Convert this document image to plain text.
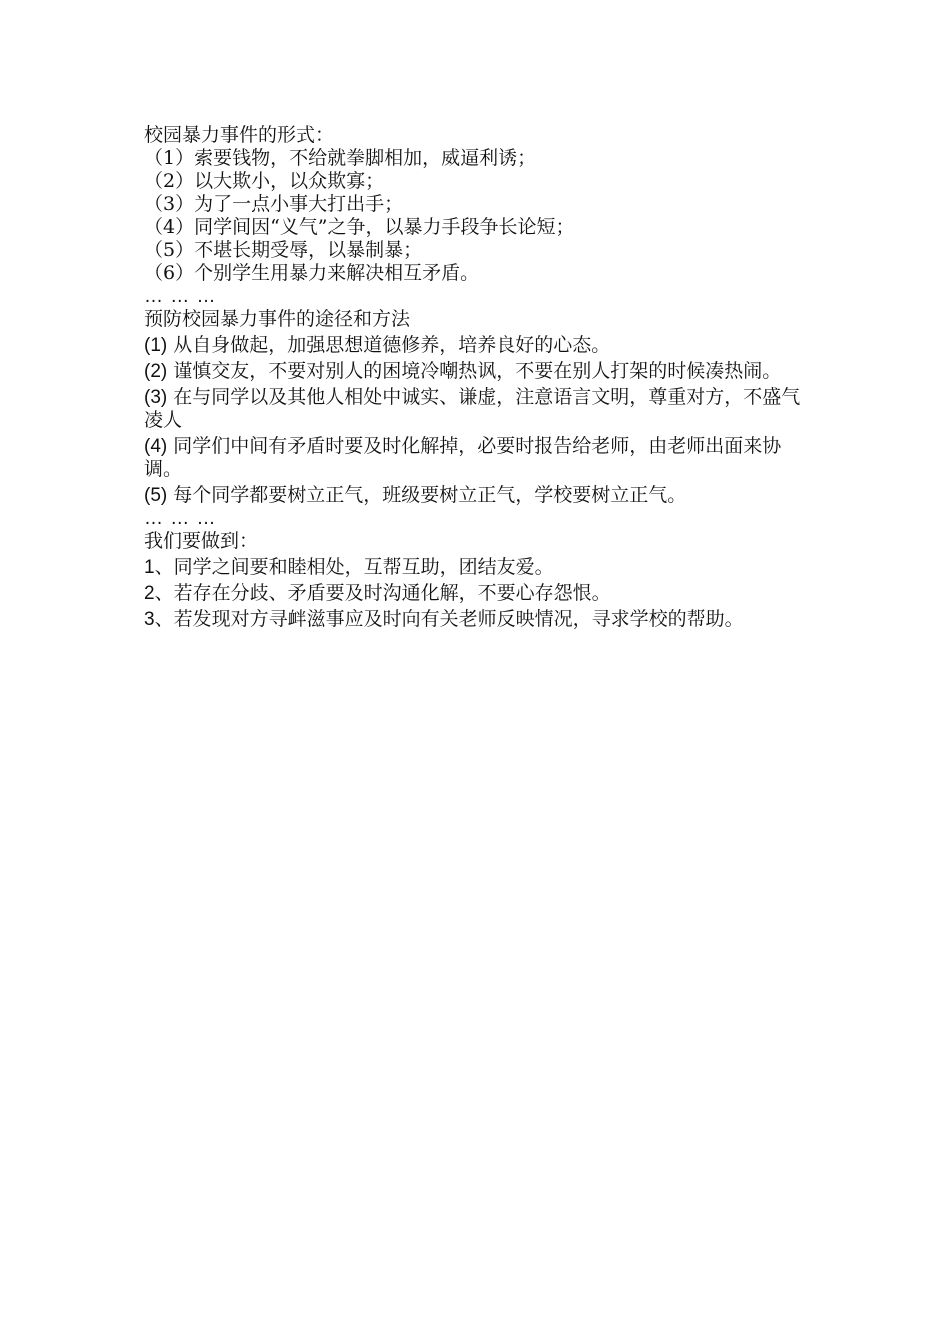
校园暴力事件的形式：

（1）索要钱物，不给就拳脚相加，威逼利诱；

（2）以大欺小，以众欺寡；

（3）为了一点小事大打出手；

（4）同学间因“义气”之争，以暴力手段争长论短；

（5）不堪长期受辱，以暴制暴；

（6）个别学生用暴力来解决相互矛盾。

… … …

预防校园暴力事件的途径和方法

(1) 从自身做起，加强思想道德修养，培养良好的心态。

(2) 谨慎交友，不要对别人的困境冷嘲热讽，不要在别人打架的时候凑热闹。

(3) 在与同学以及其他人相处中诚实、谦虚，注意语言文明，尊重对方，不盛气凌人

(4) 同学们中间有矛盾时要及时化解掉，必要时报告给老师，由老师出面来协调。

(5) 每个同学都要树立正气，班级要树立正气，学校要树立正气。

… … …

我们要做到：

1、同学之间要和睦相处，互帮互助，团结友爱。

2、若存在分歧、矛盾要及时沟通化解，不要心存怨恨。

3、若发现对方寻衅滋事应及时向有关老师反映情况，寻求学校的帮助。
